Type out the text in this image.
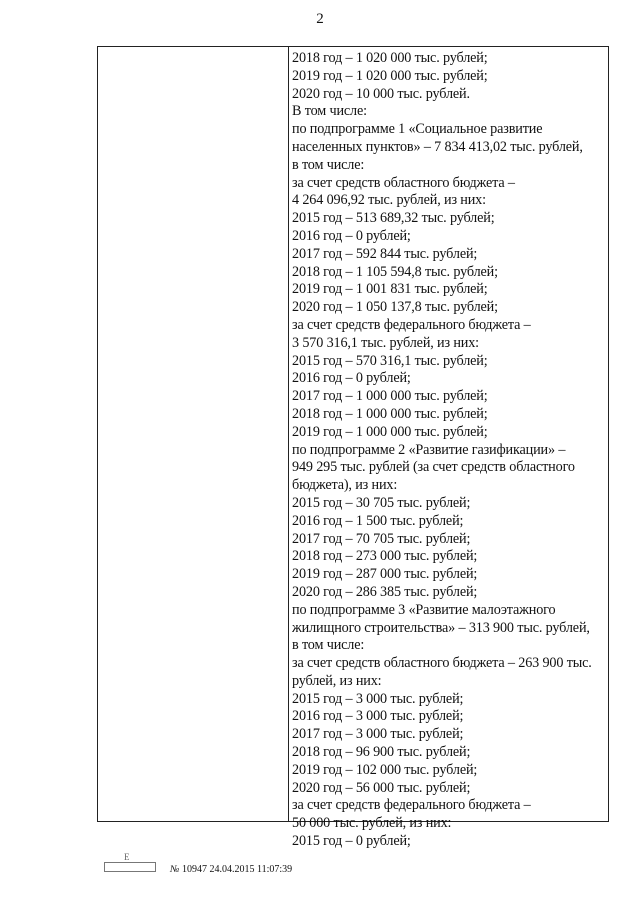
2
2018 год – 1 020 000 тыс. рублей;
2019 год – 1 020 000 тыс. рублей;
2020 год – 10 000 тыс. рублей.
В том числе:
по подпрограмме 1 «Социальное развитие
населенных пунктов» – 7 834 413,02 тыс. рублей,
в том числе:
за счет средств областного бюджета –
4 264 096,92 тыс. рублей, из них:
2015 год – 513 689,32 тыс. рублей;
2016 год – 0 рублей;
2017 год – 592 844 тыс. рублей;
2018 год – 1 105 594,8 тыс. рублей;
2019 год – 1 001 831 тыс. рублей;
2020 год – 1 050 137,8 тыс. рублей;
за счет средств федерального бюджета –
3 570 316,1 тыс. рублей, из них:
2015 год – 570 316,1 тыс. рублей;
2016 год – 0 рублей;
2017 год – 1 000 000 тыс. рублей;
2018 год – 1 000 000 тыс. рублей;
2019 год – 1 000 000 тыс. рублей;
по подпрограмме 2 «Развитие газификации» –
949 295 тыс. рублей (за счет средств областного
бюджета), из них:
2015 год – 30 705 тыс. рублей;
2016 год – 1 500 тыс. рублей;
2017 год – 70 705 тыс. рублей;
2018 год – 273 000 тыс. рублей;
2019 год – 287 000 тыс. рублей;
2020 год – 286 385 тыс. рублей;
по подпрограмме 3 «Развитие малоэтажного
жилищного строительства» – 313 900 тыс. рублей,
в том числе:
за счет средств областного бюджета – 263 900 тыс.
рублей, из них:
2015 год – 3 000 тыс. рублей;
2016 год – 3 000 тыс. рублей;
2017 год – 3 000 тыс. рублей;
2018 год – 96 900 тыс. рублей;
2019 год – 102 000 тыс. рублей;
2020 год – 56 000 тыс. рублей;
за счет средств федерального бюджета –
50 000 тыс. рублей, из них:
2015 год – 0 рублей;
Е
№ 10947 24.04.2015 11:07:39
